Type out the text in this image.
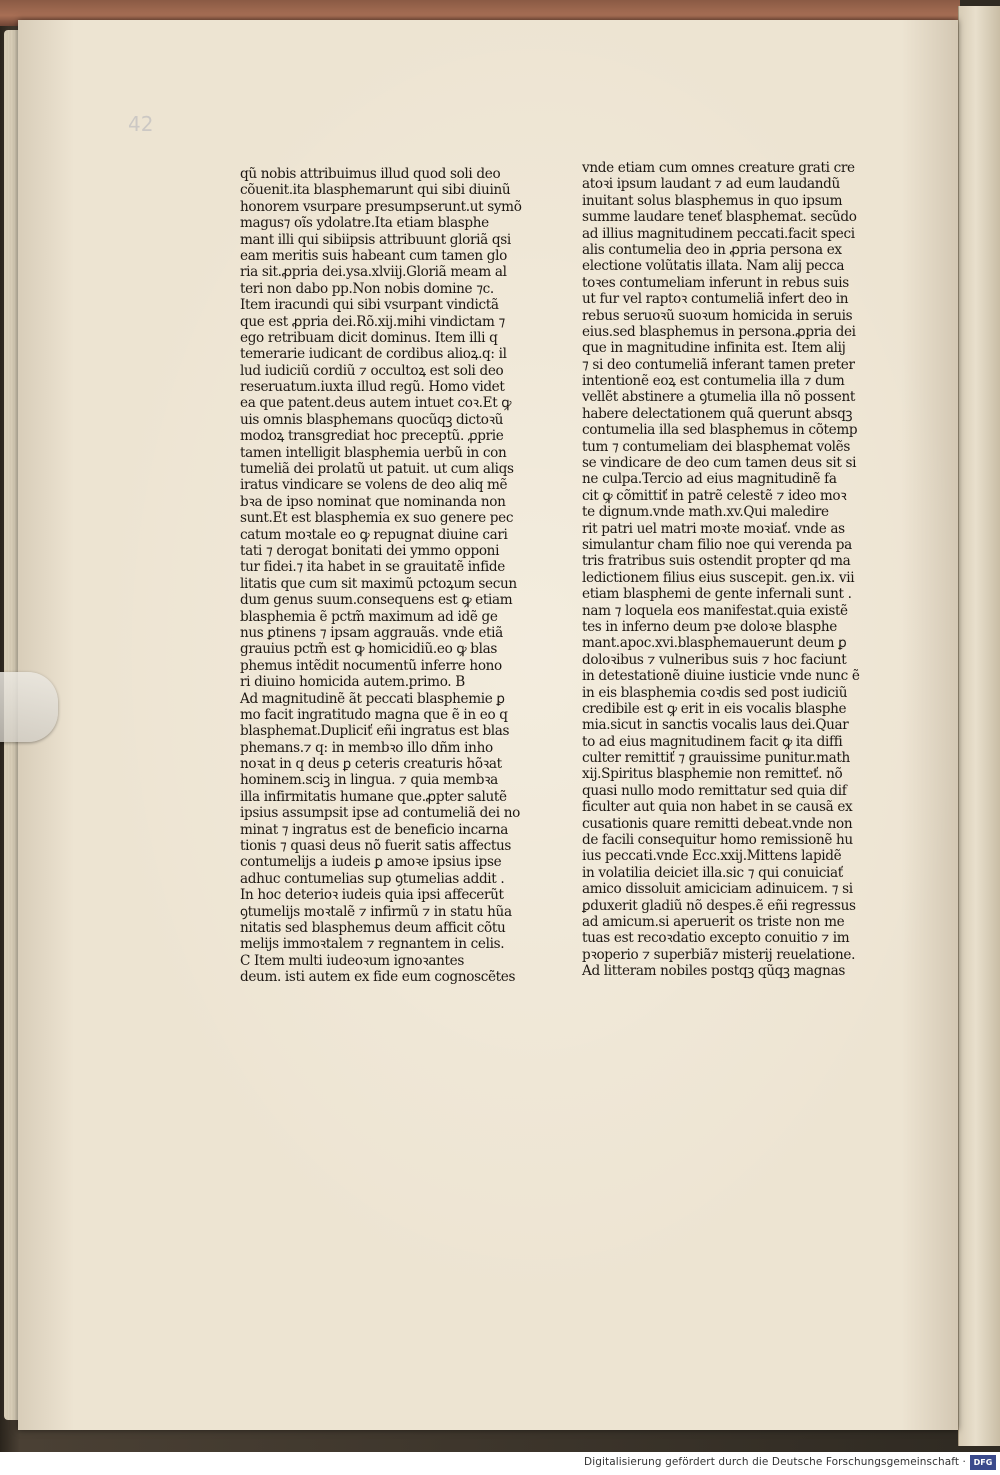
42
qũ nobis attribuimus illud quod soli deo
cõuenit.ita blasphemarunt qui sibi diuinũ
honorem vsurpare presumpserunt.ut symõ
magus⁊ oĩs ydolatre.Ita etiam blasphe
mant illi qui sibiipsis attribuunt gloriã qsi
eam meritis suis habeant cum tamen glo
ria sit.ꝓpria dei.ysa.xlviij.Gloriã meam al
teri non dabo pp.Non nobis domine ⁊c.
Item iracundi qui sibi vsurpant vindictã
que est ꝓpria dei.Rõ.xij.mihi vindictam ⁊
ego retribuam dicit dominus. Item illi q
temerarie iudicant de cordibus alioꝝ.q: il
lud iudiciũ cordiũ ⁊ occultoꝝ est soli deo
reseruatum.iuxta illud regũ. Homo videt
ea que patent.deus autem intuet coꝛ.Et ꝙ
uis omnis blasphemans quocũqꝫ dictoꝛũ
modoꝝ transgrediat hoc preceptũ. ꝓprie
tamen intelligit blasphemia uerbũ in con
tumeliã dei prolatũ ut patuit. ut cum aliqs
iratus vindicare se volens de deo aliq mẽ
bꝛa de ipso nominat que nominanda non
sunt.Et est blasphemia ex suo genere pec
catum moꝛtale eo ꝙ repugnat diuine cari
tati ⁊ derogat bonitati dei ymmo opponi
tur fidei.⁊ ita habet in se grauitatẽ infide
litatis que cum sit maximũ pctoꝝum secun
dum genus suum.consequens est ꝙ etiam
blasphemia ẽ pctm̃ maximum ad idẽ ge
nus ꝑtinens ⁊ ipsam aggrauãs. vnde etiã
grauius pctm̃ est ꝙ homicidiũ.eo ꝙ blas
phemus intẽdit nocumentũ inferre hono
ri diuino homicida autem.primo. B
Ad magnitudinẽ ãt peccati blasphemie ꝑ
mo facit ingratitudo magna que ẽ in eo q
blasphemat.Dupliciť eñi ingratus est blas
phemans.⁊ q: in membꝛo illo dñm inho
noꝛat in q deus ꝑ ceteris creaturis hõꝛat
hominem.sciꝫ in lingua. ⁊ quia membꝛa
illa infirmitatis humane que.ꝓpter salutẽ
ipsius assumpsit ipse ad contumeliã dei no
minat ⁊ ingratus est de beneficio incarna
tionis ⁊ quasi deus nõ fuerit satis affectus
contumelijs a iudeis ꝑ amoꝛe ipsius ipse
adhuc contumelias sup ꝯtumelias addit .
In hoc deterioꝛ iudeis quia ipsi affecerũt
ꝯtumelijs moꝛtalẽ ⁊ infirmũ ⁊ in statu hũa
nitatis sed blasphemus deum afficit cõtu
melijs immoꝛtalem ⁊ regnantem in celis.
C Item multi iudeoꝛum ignoꝛantes
deum. isti autem ex fide eum cognoscẽtes
vnde etiam cum omnes creature grati cre
atoꝛi ipsum laudant ⁊ ad eum laudandũ
inuitant solus blasphemus in quo ipsum
summe laudare teneť blasphemat. secũdo
ad illius magnitudinem peccati.facit speci
alis contumelia deo in ꝓpria persona ex
electione volũtatis illata. Nam alij pecca
toꝛes contumeliam inferunt in rebus suis
ut fur vel raptoꝛ contumeliã infert deo in
rebus seruoꝛũ suoꝛum homicida in seruis
eius.sed blasphemus in persona.ꝓpria dei
que in magnitudine infinita est. Item alij
⁊ si deo contumeliã inferant tamen preter
intentionẽ eoꝝ est contumelia illa ⁊ dum
vellẽt abstinere a ꝯtumelia illa nõ possent
habere delectationem quã querunt absqꝫ
contumelia illa sed blasphemus in cõtemp
tum ⁊ contumeliam dei blasphemat volẽs
se vindicare de deo cum tamen deus sit si
ne culpa.Tercio ad eius magnitudinẽ fa
cit ꝙ cõmittiť in patrẽ celestẽ ⁊ ideo moꝛ
te dignum.vnde math.xv.Qui maledire
rit patri uel matri moꝛte moꝛiať. vnde as
simulantur cham filio noe qui verenda pa
tris fratribus suis ostendit propter qd ma
ledictionem filius eius suscepit. gen.ix. vii
etiam blasphemi de gente infernali sunt .
nam ⁊ loquela eos manifestat.quia existẽ
tes in inferno deum pꝛe doloꝛe blasphe
mant.apoc.xvi.blasphemauerunt deum ꝑ
doloꝛibus ⁊ vulneribus suis ⁊ hoc faciunt
in detestationẽ diuine iusticie vnde nunc ẽ
in eis blasphemia coꝛdis sed post iudiciũ
credibile est ꝙ erit in eis vocalis blasphe
mia.sicut in sanctis vocalis laus dei.Quar
to ad eius magnitudinem facit ꝙ ita diffi
culter remittiť ⁊ grauissime punitur.math
xij.Spiritus blasphemie non remitteť. nõ
quasi nullo modo remittatur sed quia dif
ficulter aut quia non habet in se causã ex
cusationis quare remitti debeat.vnde non
de facili consequitur homo remissionẽ hu
ius peccati.vnde Ecc.xxij.Mittens lapidẽ
in volatilia deiciet illa.sic ⁊ qui conuiciať
amico dissoluit amiciciam adinuicem. ⁊ si
ꝑduxerit gladiũ nõ despes.ẽ eñi regressus
ad amicum.si aperuerit os triste non me
tuas est recoꝛdatio excepto conuitio ⁊ im
pꝛoperio ⁊ superbiã⁊ misterij reuelatione.
Ad litteram nobiles postqꝫ qũqꝫ magnas
Digitalisierung gefördert durch die Deutsche Forschungsgemeinschaft · DFG
